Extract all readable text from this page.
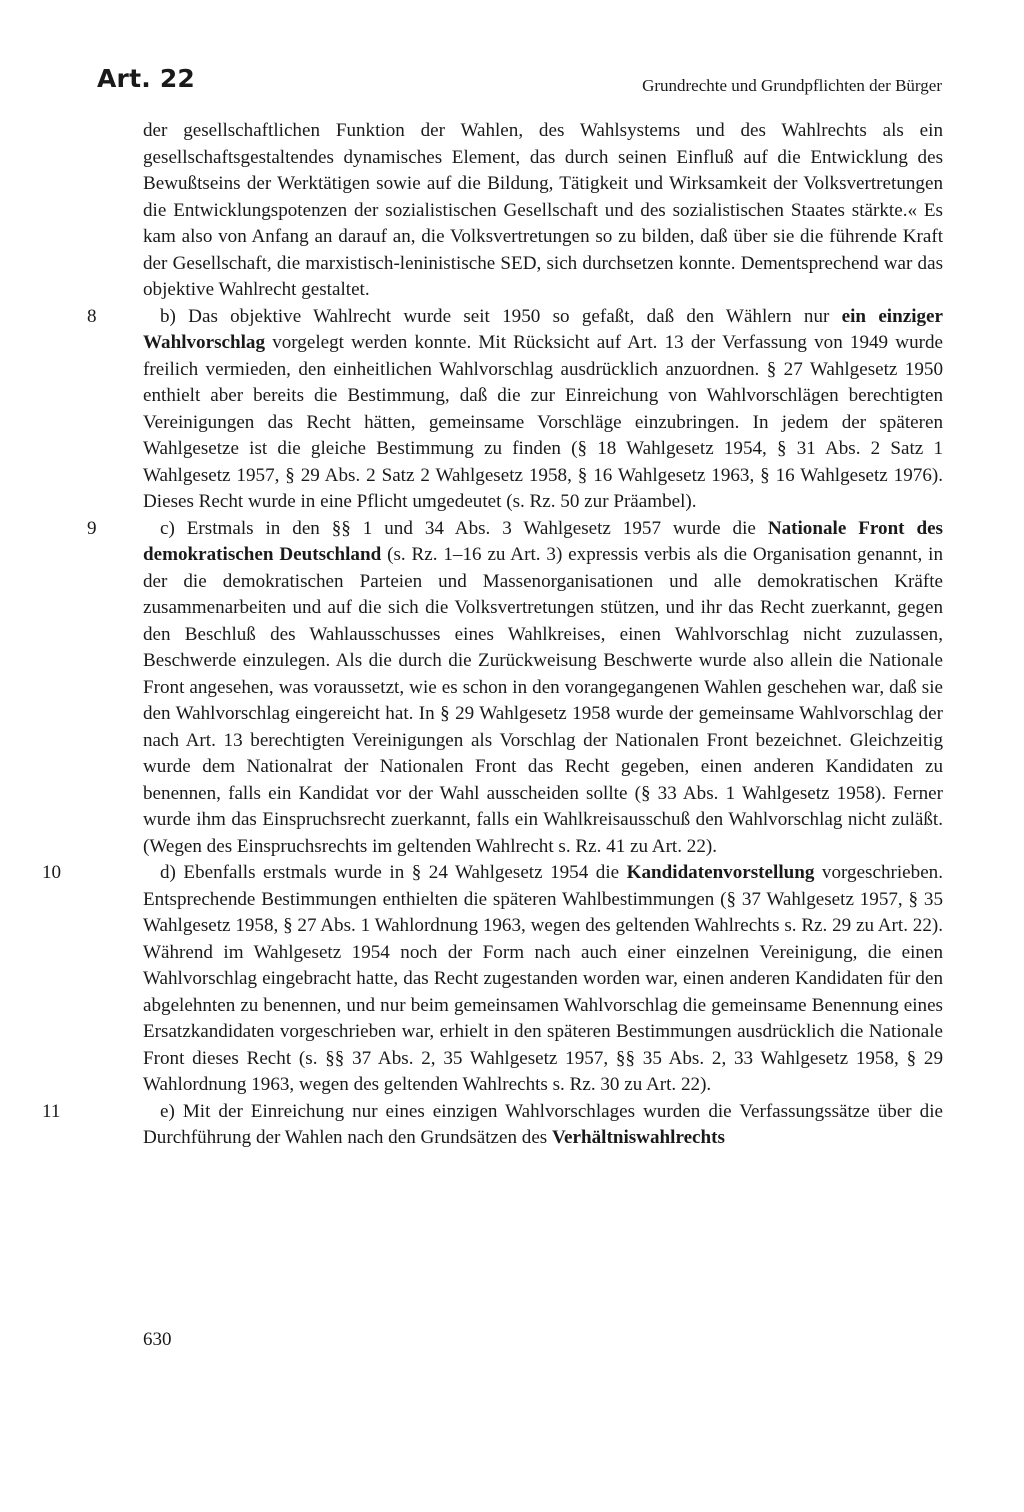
Art. 22	Grundrechte und Grundpflichten der Bürger

der gesellschaftlichen Funktion der Wahlen, des Wahlsystems und des Wahlrechts als ein gesellschaftsgestaltendes dynamisches Element, das durch seinen Einfluß auf die Entwicklung des Bewußtseins der Werktätigen sowie auf die Bildung, Tätigkeit und Wirksamkeit der Volksvertretungen die Entwicklungspotenzen der sozialistischen Gesellschaft und des sozialistischen Staates stärkte.« Es kam also von Anfang an darauf an, die Volksvertretungen so zu bilden, daß über sie die führende Kraft der Gesellschaft, die marxistisch-leninistische SED, sich durchsetzen konnte. Dementsprechend war das objektive Wahlrecht gestaltet.

8	b) Das objektive Wahlrecht wurde seit 1950 so gefaßt, daß den Wählern nur ein einziger Wahlvorschlag vorgelegt werden konnte. Mit Rücksicht auf Art. 13 der Verfassung von 1949 wurde freilich vermieden, den einheitlichen Wahlvorschlag ausdrücklich anzuordnen. § 27 Wahlgesetz 1950 enthielt aber bereits die Bestimmung, daß die zur Einreichung von Wahlvorschlägen berechtigten Vereinigungen das Recht hätten, gemeinsame Vorschläge einzubringen. In jedem der späteren Wahlgesetze ist die gleiche Bestimmung zu finden (§ 18 Wahlgesetz 1954, § 31 Abs. 2 Satz 1 Wahlgesetz 1957, § 29 Abs. 2 Satz 2 Wahlgesetz 1958, § 16 Wahlgesetz 1963, § 16 Wahlgesetz 1976). Dieses Recht wurde in eine Pflicht umgedeutet (s. Rz. 50 zur Präambel).

9	c) Erstmals in den §§ 1 und 34 Abs. 3 Wahlgesetz 1957 wurde die Nationale Front des demokratischen Deutschland (s. Rz. 1–16 zu Art. 3) expressis verbis als die Organisation genannt, in der die demokratischen Parteien und Massenorganisationen und alle demokratischen Kräfte zusammenarbeiten und auf die sich die Volksvertretungen stützen, und ihr das Recht zuerkannt, gegen den Beschluß des Wahlausschusses eines Wahlkreises, einen Wahlvorschlag nicht zuzulassen, Beschwerde einzulegen. Als die durch die Zurückweisung Beschwerte wurde also allein die Nationale Front angesehen, was voraussetzt, wie es schon in den vorangegangenen Wahlen geschehen war, daß sie den Wahlvorschlag eingereicht hat. In § 29 Wahlgesetz 1958 wurde der gemeinsame Wahlvorschlag der nach Art. 13 berechtigten Vereinigungen als Vorschlag der Nationalen Front bezeichnet. Gleichzeitig wurde dem Nationalrat der Nationalen Front das Recht gegeben, einen anderen Kandidaten zu benennen, falls ein Kandidat vor der Wahl ausscheiden sollte (§ 33 Abs. 1 Wahlgesetz 1958). Ferner wurde ihm das Einspruchsrecht zuerkannt, falls ein Wahlkreisausschuß den Wahlvorschlag nicht zuläßt. (Wegen des Einspruchsrechts im geltenden Wahlrecht s. Rz. 41 zu Art. 22).

10	d) Ebenfalls erstmals wurde in § 24 Wahlgesetz 1954 die Kandidatenvorstellung vorgeschrieben. Entsprechende Bestimmungen enthielten die späteren Wahlbestimmungen (§ 37 Wahlgesetz 1957, § 35 Wahlgesetz 1958, § 27 Abs. 1 Wahlordnung 1963, wegen des geltenden Wahlrechts s. Rz. 29 zu Art. 22). Während im Wahlgesetz 1954 noch der Form nach auch einer einzelnen Vereinigung, die einen Wahlvorschlag eingebracht hatte, das Recht zugestanden worden war, einen anderen Kandidaten für den abgelehnten zu benennen, und nur beim gemeinsamen Wahlvorschlag die gemeinsame Benennung eines Ersatzkandidaten vorgeschrieben war, erhielt in den späteren Bestimmungen ausdrücklich die Nationale Front dieses Recht (s. §§ 37 Abs. 2, 35 Wahlgesetz 1957, §§ 35 Abs. 2, 33 Wahlgesetz 1958, § 29 Wahlordnung 1963, wegen des geltenden Wahlrechts s. Rz. 30 zu Art. 22).

11	e) Mit der Einreichung nur eines einzigen Wahlvorschlages wurden die Verfassungssätze über die Durchführung der Wahlen nach den Grundsätzen des Verhältniswahlrechts

630
